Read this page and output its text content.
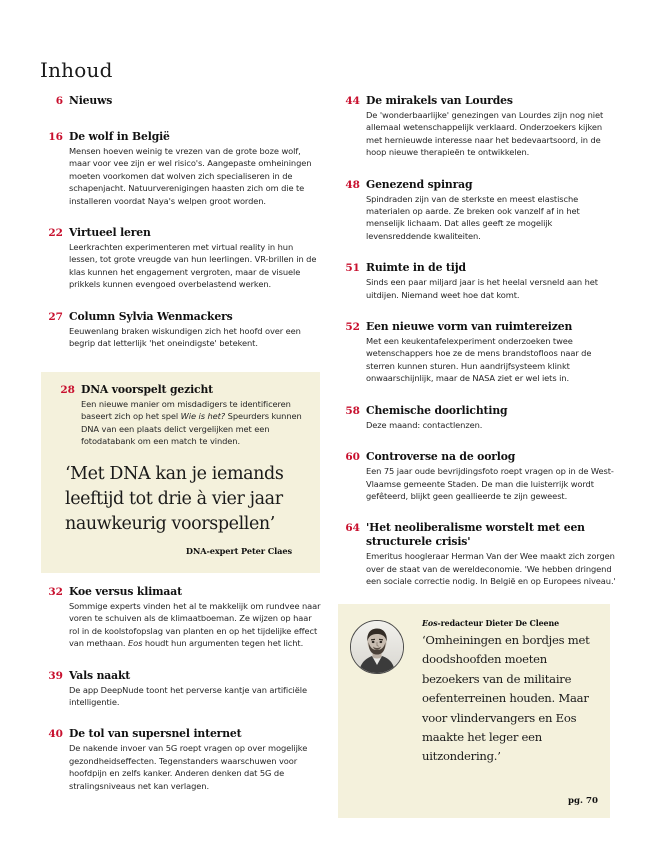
Inhoud
6 Nieuws

16 De wolf in België

Mensen hoeven weinig te vrezen van de grote boze wolf, maar voor vee zijn er wel risico's. Aangepaste omheiningen moeten voorkomen dat wolven zich specialiseren in de schapenjacht. Natuurverenigingen haasten zich om die te installeren voordat Naya's welpen groot worden.

22 Virtueel leren

Leerkrachten experimenteren met virtual reality in hun lessen, tot grote vreugde van hun leerlingen. VR-brillen in de klas kunnen het engagement vergroten, maar de visuele prikkels kunnen evengoed overbelastend werken.

27 Column Sylvia Wenmackers

Eeuwenlang braken wiskundigen zich het hoofd over een begrip dat letterlijk 'het oneindigste' betekent.

28 DNA voorspelt gezicht

Een nieuwe manier om misdadigers te identificeren baseert zich op het spel Wie is het? Speurders kunnen DNA van een plaats delict vergelijken met een fotodatabank om een match te vinden.

‘Met DNA kan je iemands leeftijd tot drie à vier jaar nauwkeurig voorspellen’

DNA-expert Peter Claes

32 Koe versus klimaat

Sommige experts vinden het al te makkelijk om rundvee naar voren te schuiven als de klimaatboeman. Ze wijzen op haar rol in de koolstofopslag van planten en op het tijdelijke effect van methaan. Eos houdt hun argumenten tegen het licht.

39 Vals naakt

De app DeepNude toont het perverse kantje van artificiële intelligentie.

40 De tol van supersnel internet

De nakende invoer van 5G roept vragen op over mogelijke gezondheidseffecten. Tegenstanders waarschuwen voor hoofdpijn en zelfs kanker. Anderen denken dat 5G de stralingsniveaus net kan verlagen.

44 De mirakels van Lourdes

De 'wonderbaarlijke' genezingen van Lourdes zijn nog niet allemaal wetenschappelijk verklaard. Onderzoekers kijken met hernieuwde interesse naar het bedevaartsoord, in de hoop nieuwe therapieën te ontwikkelen.

48 Genezend spinrag

Spindraden zijn van de sterkste en meest elastische materialen op aarde. Ze breken ook vanzelf af in het menselijk lichaam. Dat alles geeft ze mogelijk levensreddende kwaliteiten.

51 Ruimte in de tijd

Sinds een paar miljard jaar is het heelal versneld aan het uitdijen. Niemand weet hoe dat komt.

52 Een nieuwe vorm van ruimtereizen

Met een keukentafelexperiment onderzoeken twee wetenschappers hoe ze de mens brandstofloos naar de sterren kunnen sturen. Hun aandrijfsysteem klinkt onwaarschijnlijk, maar de NASA ziet er wel iets in.

58 Chemische doorlichting

Deze maand: contactlenzen.

60 Controverse na de oorlog

Een 75 jaar oude bevrijdingsfoto roept vragen op in de West-Vlaamse gemeente Staden. De man die luisterrijk wordt gefêteerd, blijkt geen geallieerde te zijn geweest.

64 'Het neoliberalisme worstelt met een structurele crisis'

Emeritus hoogleraar Herman Van der Wee maakt zich zorgen over de staat van de wereldeconomie. 'We hebben dringend een sociale correctie nodig. In België en op Europees niveau.'

Eos-redacteur Dieter De Cleene

‘Omheiningen en bordjes met doodshoofden moeten bezoekers van de militaire oefenterreinen houden. Maar voor vlindervangers en Eos maakte het leger een uitzondering.’

pg. 70
